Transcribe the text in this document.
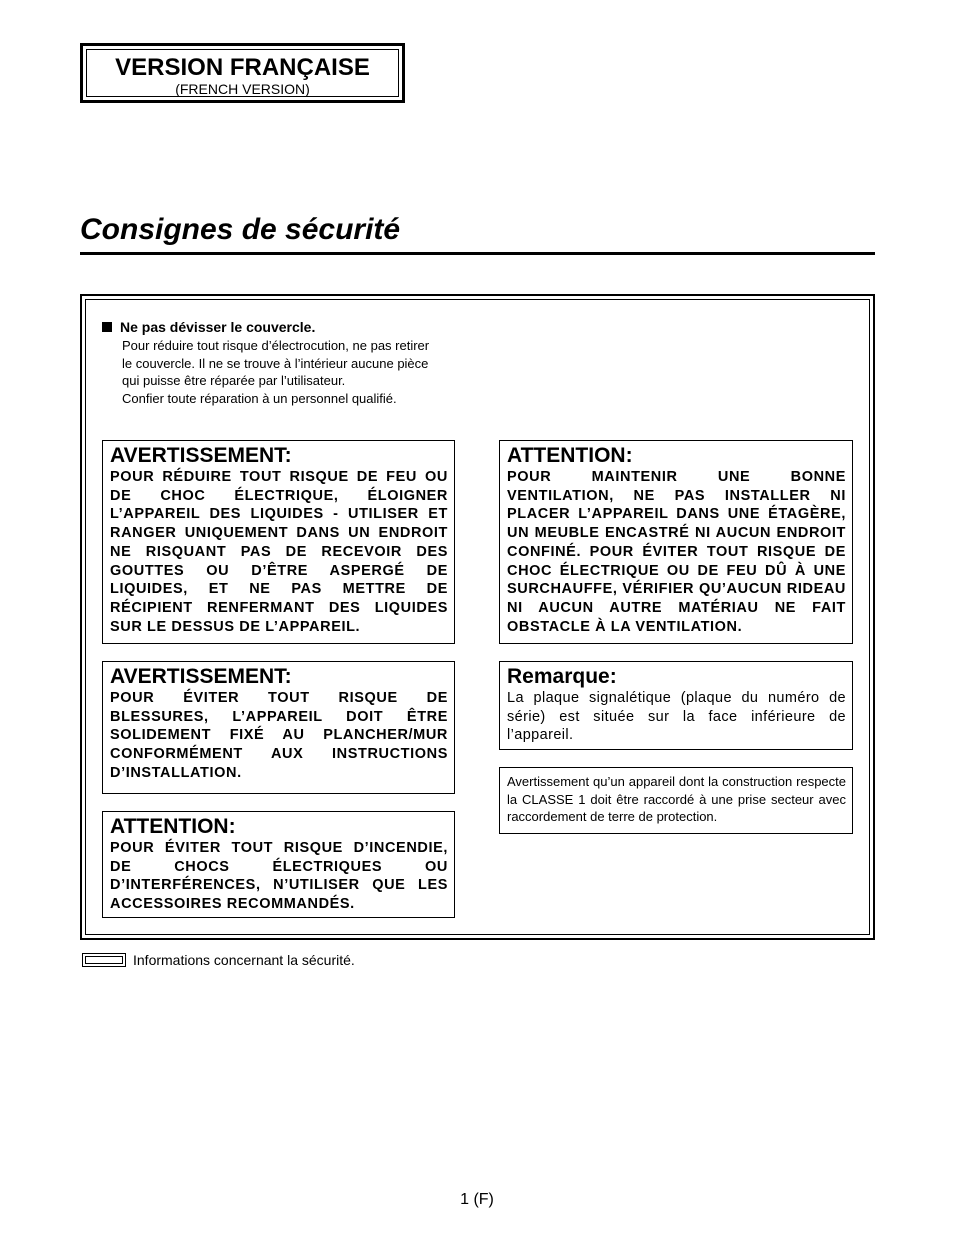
VERSION FRANÇAISE
(FRENCH VERSION)
Consignes de sécurité
Ne pas dévisser le couvercle.
Pour réduire tout risque d’électrocution, ne pas retirer
le couvercle. Il ne se trouve à l’intérieur aucune pièce
qui puisse être réparée par l’utilisateur.
Confier toute réparation à un personnel qualifié.
AVERTISSEMENT:
POUR RÉDUIRE TOUT RISQUE DE FEU OU DE CHOC ÉLECTRIQUE, ÉLOIGNER L’APPAREIL DES LIQUIDES - UTILISER ET RANGER UNIQUEMENT DANS UN ENDROIT NE RISQUANT PAS DE RECEVOIR DES GOUTTES OU D’ÊTRE ASPERGÉ DE LIQUIDES, ET NE PAS METTRE DE RÉCIPIENT RENFERMANT DES LIQUIDES SUR LE DESSUS DE L’APPAREIL.
AVERTISSEMENT:
POUR ÉVITER TOUT RISQUE DE BLESSURES, L’APPAREIL DOIT ÊTRE SOLIDEMENT FIXÉ AU PLANCHER/MUR CONFORMÉMENT AUX INSTRUCTIONS D’INSTALLATION.
ATTENTION:
POUR ÉVITER TOUT RISQUE D’INCENDIE, DE CHOCS ÉLECTRIQUES OU D’INTERFÉRENCES, N’UTILISER QUE LES ACCESSOIRES RECOMMANDÉS.
ATTENTION:
POUR MAINTENIR UNE BONNE VENTILATION, NE PAS INSTALLER NI PLACER L’APPAREIL DANS UNE ÉTAGÈRE, UN MEUBLE ENCASTRÉ NI AUCUN ENDROIT CONFINÉ. POUR ÉVITER TOUT RISQUE DE CHOC ÉLECTRIQUE OU DE FEU DÛ À UNE SURCHAUFFE, VÉRIFIER QU’AUCUN RIDEAU NI AUCUN AUTRE MATÉRIAU NE FAIT OBSTACLE À LA VENTILATION.
Remarque:
La plaque signalétique (plaque du numéro de série) est située sur la face inférieure de l’appareil.
Avertissement qu’un appareil dont la construction respecte la CLASSE 1 doit être raccordé à une prise secteur avec raccordement de terre de protection.
Informations concernant la sécurité.
1 (F)
